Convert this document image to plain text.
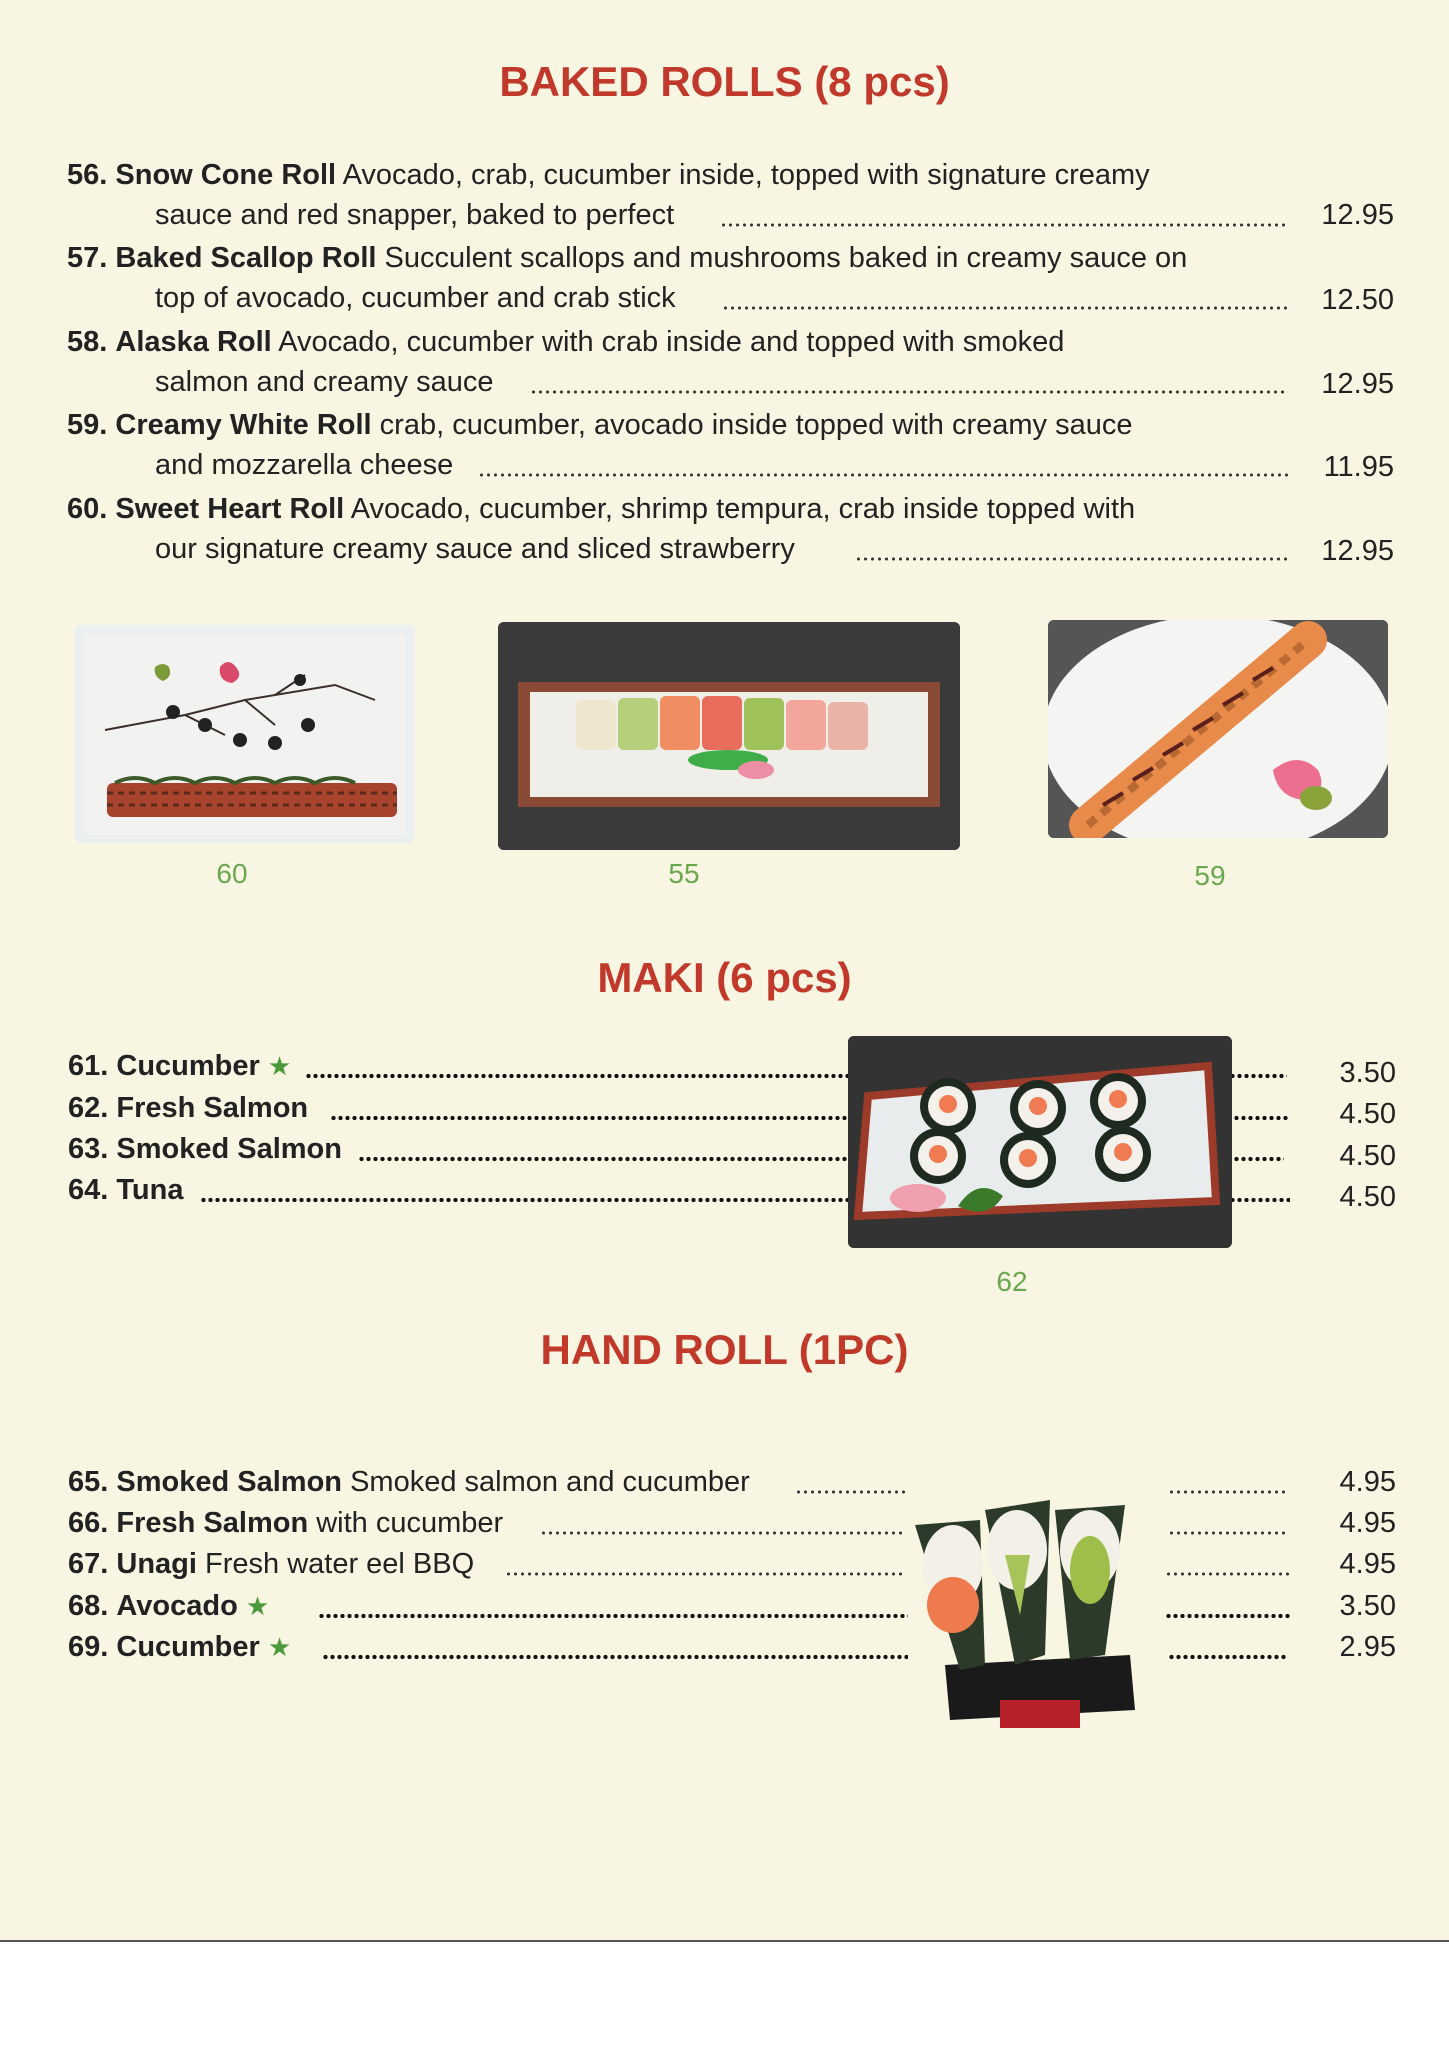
BAKED ROLLS (8 pcs)
56. Snow Cone Roll Avocado, crab, cucumber inside, topped with signature creamy
sauce and red snapper, baked to perfect	12.95
57. Baked Scallop Roll Succulent scallops and mushrooms baked in creamy sauce on
top of avocado, cucumber and crab stick	12.50
58. Alaska Roll Avocado, cucumber with crab inside and topped with smoked
salmon and creamy sauce	12.95
59. Creamy White Roll crab, cucumber, avocado inside topped with creamy sauce
and mozzarella cheese	11.95
60. Sweet Heart Roll Avocado, cucumber, shrimp tempura, crab inside topped with
our signature creamy sauce and sliced strawberry	12.95
60	55	59
MAKI (6 pcs)
61. Cucumber ★	3.50
62. Fresh Salmon	4.50
63. Smoked Salmon	4.50
64. Tuna	4.50
62
HAND ROLL (1PC)
65. Smoked Salmon Smoked salmon and cucumber	4.95
66. Fresh Salmon with cucumber	4.95
67. Unagi Fresh water eel BBQ	4.95
68. Avocado ★	3.50
69. Cucumber ★	2.95
